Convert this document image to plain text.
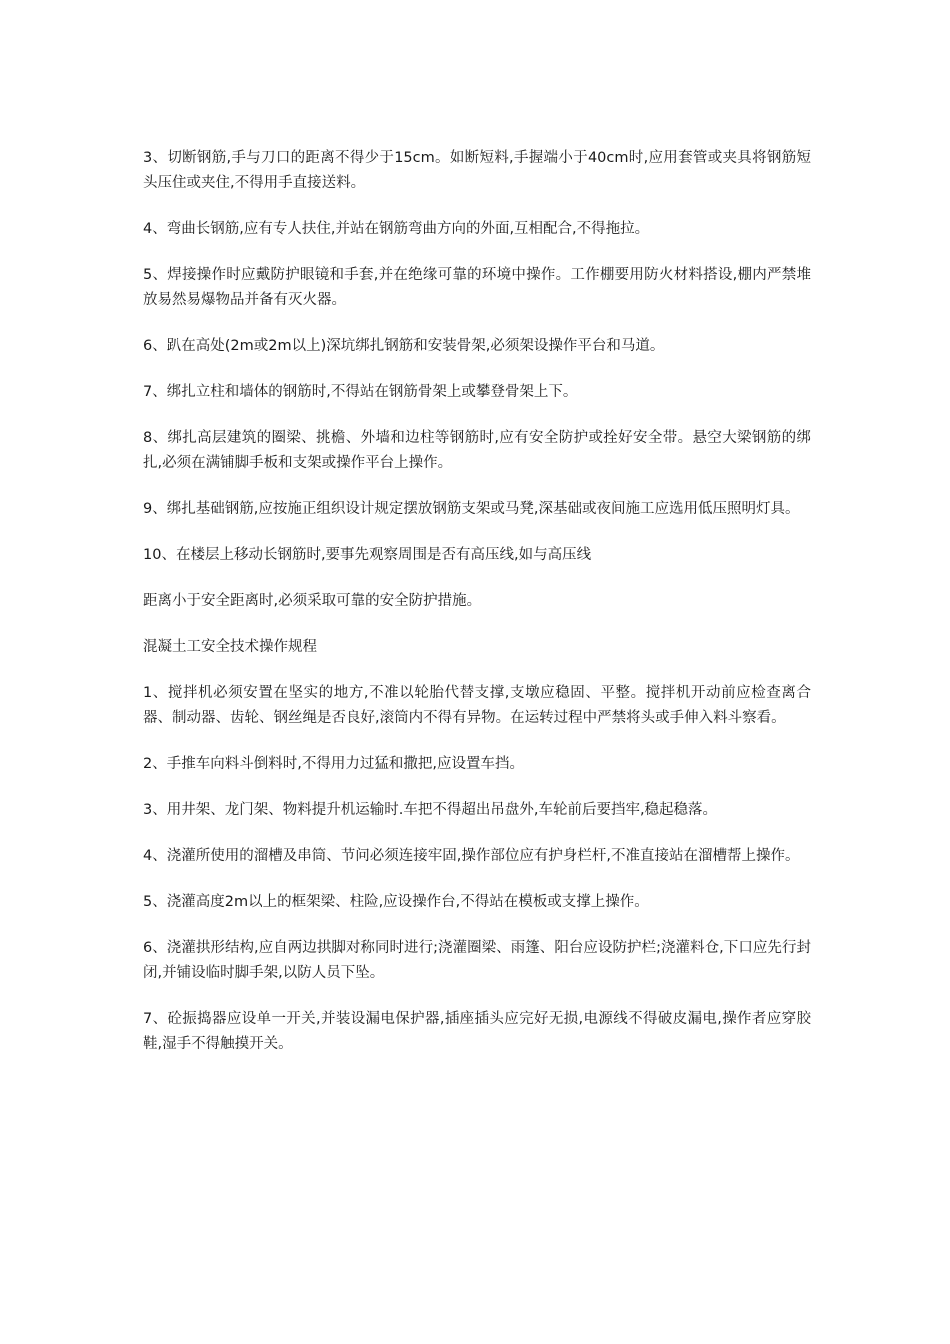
3、切断钢筋,手与刀口的距离不得少于15cm。如断短料,手握端小于40cm时,应用套管或夹具将钢筋短头压住或夹住,不得用手直接送料。

4、弯曲长钢筋,应有专人扶住,并站在钢筋弯曲方向的外面,互相配合,不得拖拉。

5、焊接操作时应戴防护眼镜和手套,并在绝缘可靠的环境中操作。工作棚要用防火材料搭设,棚内严禁堆放易然易爆物品并备有灭火器。

6、趴在高处(2m或2m以上)深坑绑扎钢筋和安装骨架,必须架设操作平台和马道。

7、绑扎立柱和墙体的钢筋时,不得站在钢筋骨架上或攀登骨架上下。

8、绑扎高层建筑的圈梁、挑檐、外墙和边柱等钢筋时,应有安全防护或拴好安全带。悬空大梁钢筋的绑扎,必须在满铺脚手板和支架或操作平台上操作。

9、绑扎基础钢筋,应按施正组织设计规定摆放钢筋支架或马凳,深基础或夜间施工应选用低压照明灯具。

10、在楼层上移动长钢筋时,要事先观察周围是否有高压线,如与高压线

距离小于安全距离时,必须采取可靠的安全防护措施。

混凝土工安全技术操作规程

1、搅拌机必须安置在坚实的地方,不准以轮胎代替支撑,支墩应稳固、平整。搅拌机开动前应检查离合器、制动器、齿轮、钢丝绳是否良好,滚筒内不得有异物。在运转过程中严禁将头或手伸入料斗察看。

2、手推车向料斗倒料时,不得用力过猛和撒把,应设置车挡。

3、用井架、龙门架、物料提升机运输时.车把不得超出吊盘外,车轮前后要挡牢,稳起稳落。

4、浇灌所使用的溜槽及串筒、节问必须连接牢固,操作部位应有护身栏杆,不准直接站在溜槽帮上操作。

5、浇灌高度2m以上的框架梁、柱险,应设操作台,不得站在模板或支撑上操作。

6、浇灌拱形结构,应自两边拱脚对称同时进行;浇灌圈梁、雨篷、阳台应设防护栏;浇灌料仓,下口应先行封闭,并铺设临时脚手架,以防人员下坠。

7、砼振捣器应设单一开关,并装设漏电保护器,插座插头应完好无损,电源线不得破皮漏电,操作者应穿胶鞋,湿手不得触摸开关。
